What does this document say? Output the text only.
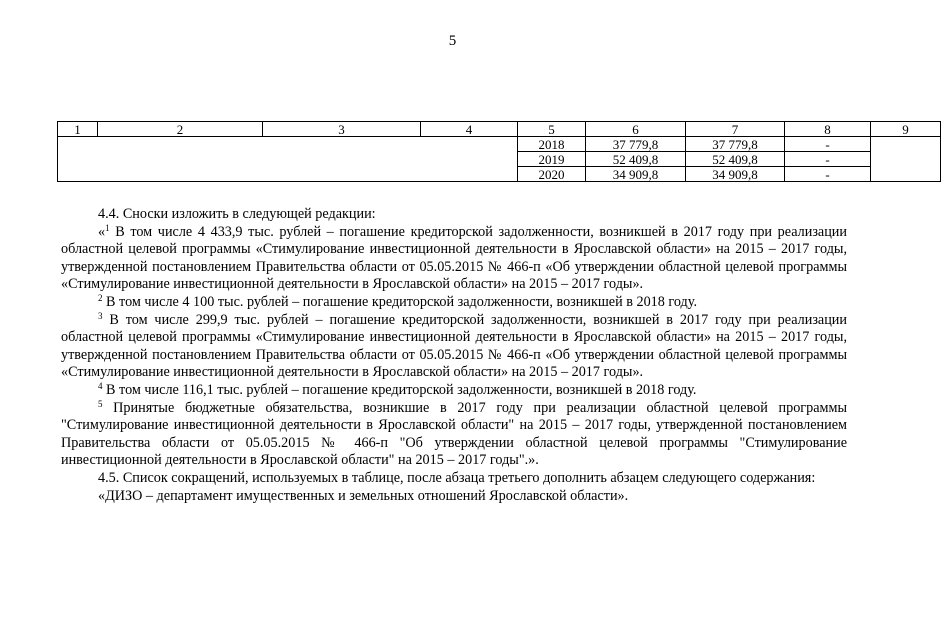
5
1	2	3	4	5	6	7	8	9
				2018	37 779,8	37 779,8	-	
				2019	52 409,8	52 409,8	-	
				2020	34 909,8	34 909,8	-	

4.4. Сноски изложить в следующей редакции:

«$^1$ В том числе 4 433,9 тыс. рублей – погашение кредиторской задолженности, возникшей в 2017 году при реализации областной целевой программы «Стимулирование инвестиционной деятельности в Ярославской области» на 2015 – 2017 годы, утвержденной постановлением Правительства области от 05.05.2015 № 466-п «Об утверждении областной целевой программы «Стимулирование инвестиционной деятельности в Ярославской области» на 2015 – 2017 годы».

$^2$ В том числе 4 100 тыс. рублей – погашение кредиторской задолженности, возникшей в 2018 году.

$^3$ В том числе 299,9 тыс. рублей – погашение кредиторской задолженности, возникшей в 2017 году при реализации областной целевой программы «Стимулирование инвестиционной деятельности в Ярославской области» на 2015 – 2017 годы, утвержденной постановлением Правительства области от 05.05.2015 № 466-п «Об утверждении областной целевой программы «Стимулирование инвестиционной деятельности в Ярославской области» на 2015 – 2017 годы».

$^4$ В том числе 116,1 тыс. рублей – погашение кредиторской задолженности, возникшей в 2018 году.

$^5$ Принятые бюджетные обязательства, возникшие в 2017 году при реализации областной целевой программы "Стимулирование инвестиционной деятельности в Ярославской области" на 2015 – 2017 годы, утвержденной постановлением Правительства области от 05.05.2015 № 466-п "Об утверждении областной целевой программы "Стимулирование инвестиционной деятельности в Ярославской области" на 2015 – 2017 годы".».

4.5. Список сокращений, используемых в таблице, после абзаца третьего дополнить абзацем следующего содержания:

«ДИЗО – департамент имущественных и земельных отношений Ярославской области».
